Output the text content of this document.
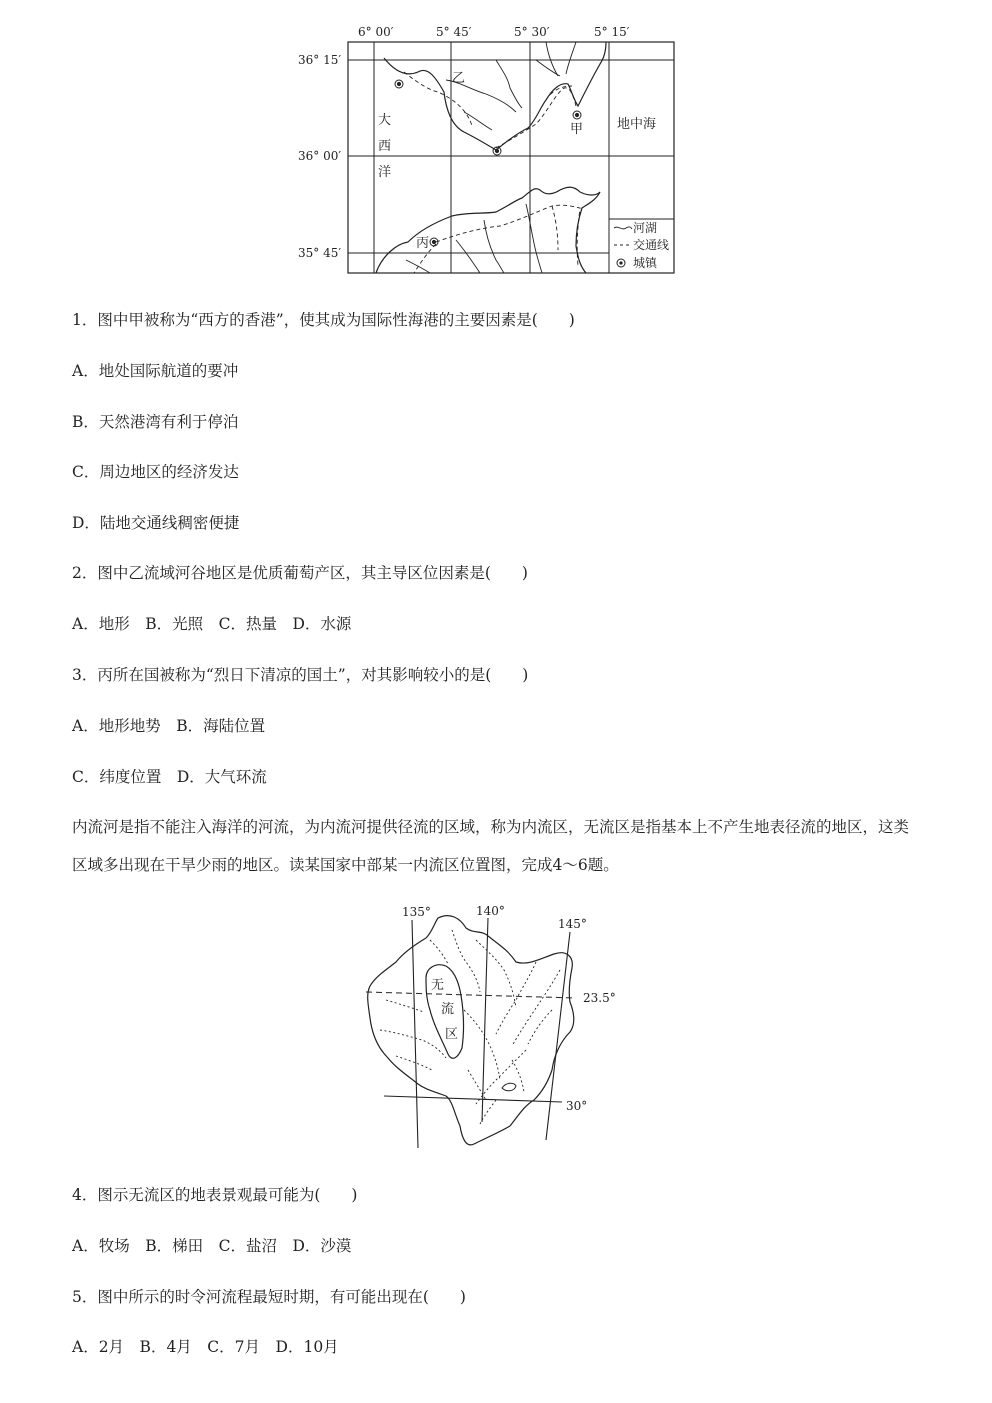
河湖
交通线
城镇
6° 00′	5° 45′	5° 30′	5° 15′
36° 15′
36° 00′
35° 45′
乙
甲
丙
大
西
洋
地中海

1．图中甲被称为“西方的香港”，使其成为国际性海港的主要因素是(　　)

A．地处国际航道的要冲

B．天然港湾有利于停泊

C．周边地区的经济发达

D．陆地交通线稠密便捷

2．图中乙流域河谷地区是优质葡萄产区，其主导区位因素是(　　)

A．地形　B．光照　C．热量　D．水源

3．丙所在国被称为“烈日下清凉的国土”，对其影响较小的是(　　)

A．地形地势　B．海陆位置

C．纬度位置　D．大气环流

内流河是指不能注入海洋的河流，为内流河提供径流的区域，称为内流区，无流区是指基本上不产生地表径流的地区，这类区域多出现在干旱少雨的地区。读某国家中部某一内流区位置图，完成4～6题。

135°	140°
145°
23.5°
30°
无
流
区

4．图示无流区的地表景观最可能为(　　)

A．牧场　B．梯田　C．盐沼　D．沙漠

5．图中所示的时令河流程最短时期，有可能出现在(　　)

A．2月　B．4月　C．7月　D．10月
